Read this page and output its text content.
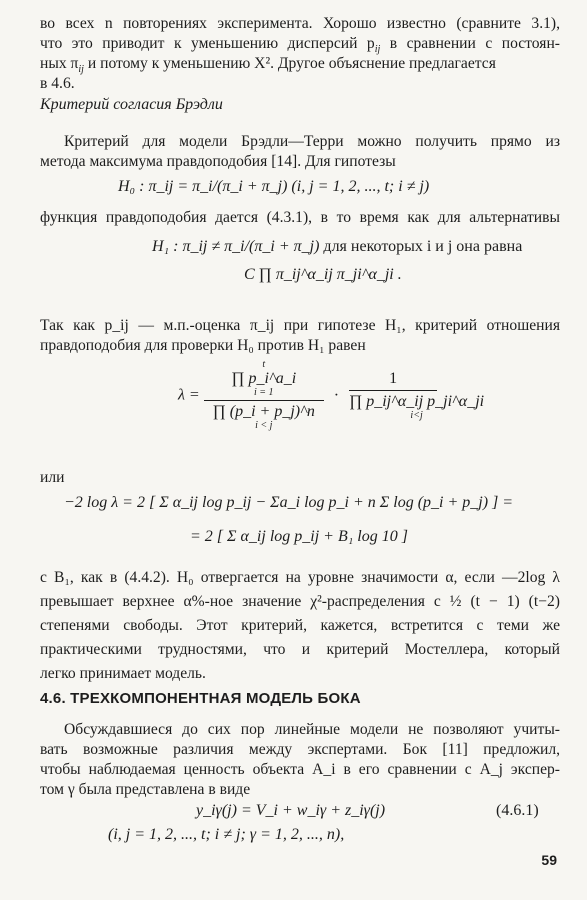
во всех n повторениях эксперимента. Хорошо известно (сравните 3.1),
что это приводит к уменьшению дисперсий $p_{ij}$ в сравнении с постоян-
ных $\pi_{ij}$ и потому к уменьшению X². Другое объяснение предлагается
в 4.6.

Критерий согласия Брэдли

Критерий для модели Брэдли—Терри можно получить прямо из
метода максимума правдоподобия [14]. Для гипотезы

H₀ : π_ij = π_i/(π_i + π_j) (i, j = 1, 2, ..., t; i ≠ j)

функция правдоподобия дается (4.3.1), в то время как для альтернативы

H₁ : π_ij ≠ π_i/(π_i + π_j) для некоторых i и j она равна
C ∏ π_ij^α_ij π_ji^α_ji .

Так как p_ij — м.п.-оценка π_ij при гипотезе H₁, критерий отношения
правдоподобия для проверки H₀ против H₁ равен

λ = t
∏ p_i^a_i
i = 1
∏ (p_i + p_j)^n
i < j · 1
∏ p_ij^α_ij p_ji^α_ji
i<j
или
−2 log λ = 2 [ Σ α_ij log p_ij − Σa_i log p_i + n Σ log (p_i + p_j) ] =
= 2 [ Σ α_ij log p_ij + B₁ log 10 ]

с B₁, как в (4.4.2). H₀ отвергается на уровне значимости α, если —2log λ
превышает верхнее α%-ное значение χ²-распределения с ½ (t − 1) (t−2)
степенями свободы. Этот критерий, кажется, встретится с теми же
практическими трудностями, что и критерий Мостеллера, который
легко принимает модель.

4.6. ТРЕХКОМПОНЕНТНАЯ МОДЕЛЬ БОКА

Обсуждавшиеся до сих пор линейные модели не позволяют учиты-
вать возможные различия между экспертами. Бок [11] предложил,
чтобы наблюдаемая ценность объекта A_i в его сравнении с A_j экспер-
том γ была представлена в виде

y_iγ(j) = V_i + w_iγ + z_iγ(j)	(4.6.1)
(i, j = 1, 2, ..., t; i ≠ j; γ = 1, 2, ..., n),
59
